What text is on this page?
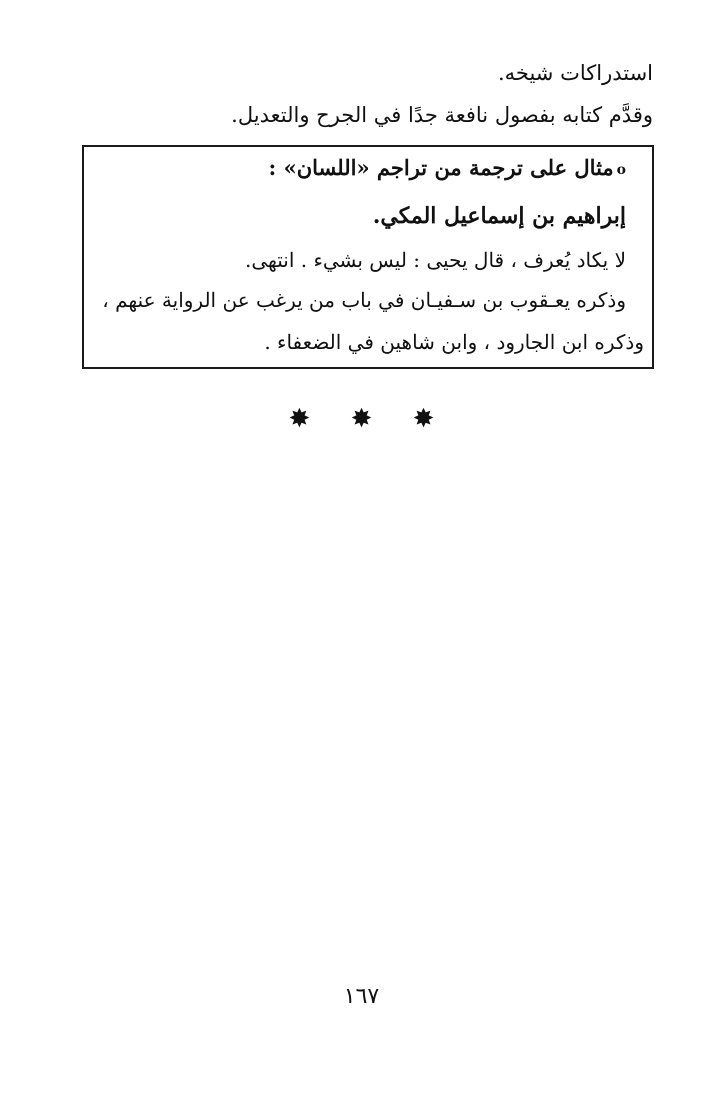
استدراكات شيخه.
وقدَّم كتابه بفصول نافعة جدًا في الجرح والتعديل.
oمثال على ترجمة من تراجم «اللسان» :
إبراهيم بن إسماعيل المكي.
لا يكاد يُعرف ، قال يحيى : ليس بشيء . انتهى.
وذكره يعـقوب بن سـفيـان في باب من يرغب عن الرواية عنهم ،
وذكره ابن الجارود ، وابن شاهين في الضعفاء .
✸ ✸ ✸
١٦٧
